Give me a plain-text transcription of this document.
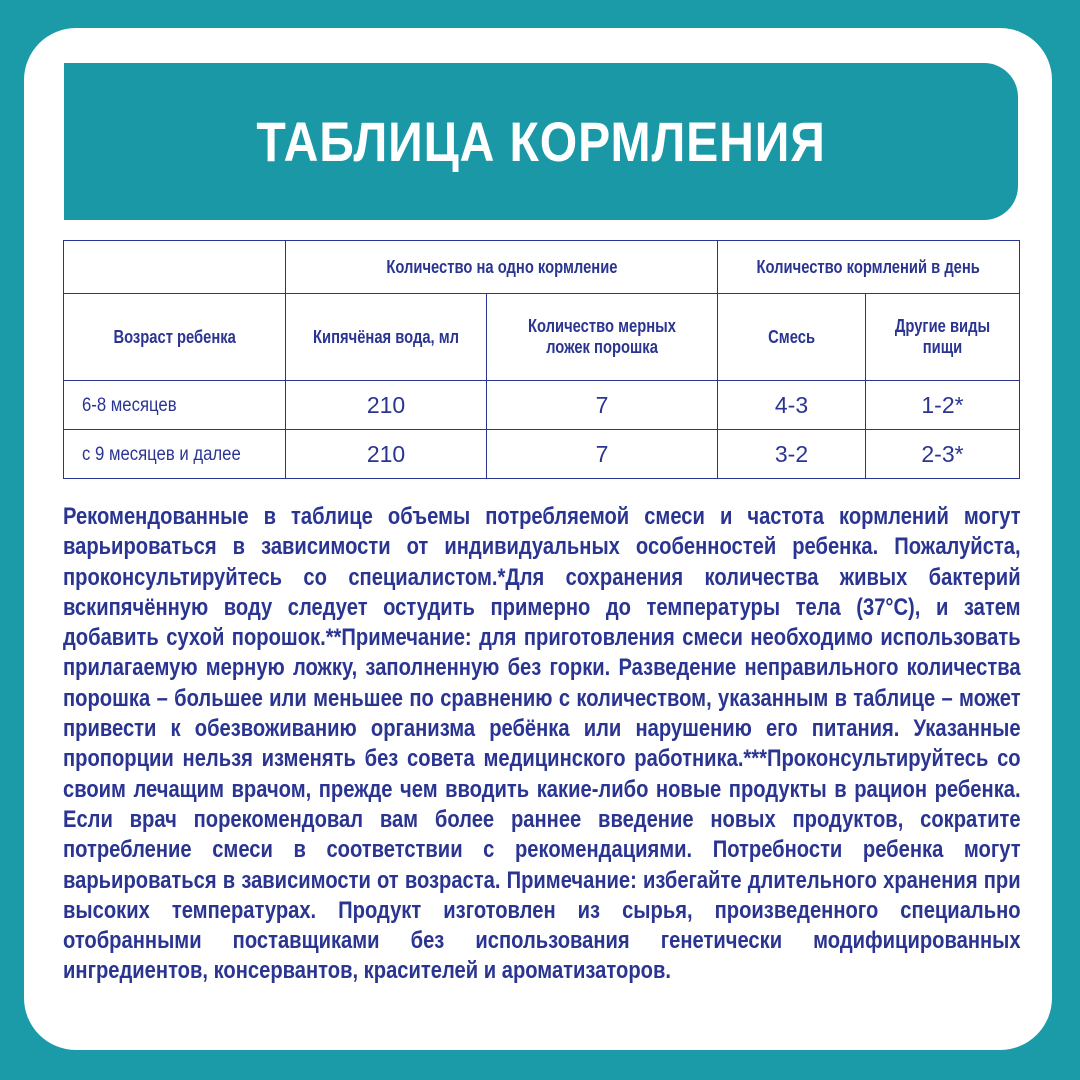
ТАБЛИЦА КОРМЛЕНИЯ
	Количество на одно кормление		Количество кормлений в день	
Возраст ребенка	Кипячёная вода, мл	Количество мерных ложек порошка	Смесь	Другие виды пищи
6-8 месяцев	210	7	4-3	1-2*
с 9 месяцев и далее	210	7	3-2	2-3*

Рекомендованные в таблице объемы потребляемой смеси и частота кормлений могут варьироваться в зависимости от индивидуальных особенностей ребенка. Пожалуйста, проконсультируйтесь со специалистом.*Для сохранения количества живых бактерий вскипячённую воду следует остудить примерно до температуры тела (37°С), и затем добавить сухой порошок.**Примечание: для приготовления смеси необходимо использовать прилагаемую мерную ложку, заполненную без горки. Разведение неправильного количества порошка – большее или меньшее по сравнению с количеством, указанным в таблице – может привести к обезвоживанию организма ребёнка или нарушению его питания. Указанные пропорции нельзя изменять без совета медицинского работника.***Проконсультируйтесь со своим лечащим врачом, прежде чем вводить какие-либо новые продукты в рацион ребенка. Если врач порекомендовал вам более раннее введение новых продуктов, сократите потребление смеси в соответствии с рекомендациями. Потребности ребенка могут варьироваться в зависимости от возраста. Примечание: избегайте длительного хранения при высоких температурах. Продукт изготовлен из сырья, произведенного специально отобранными поставщиками без использования генетически модифицированных ингредиентов, консервантов, красителей и ароматизаторов.
